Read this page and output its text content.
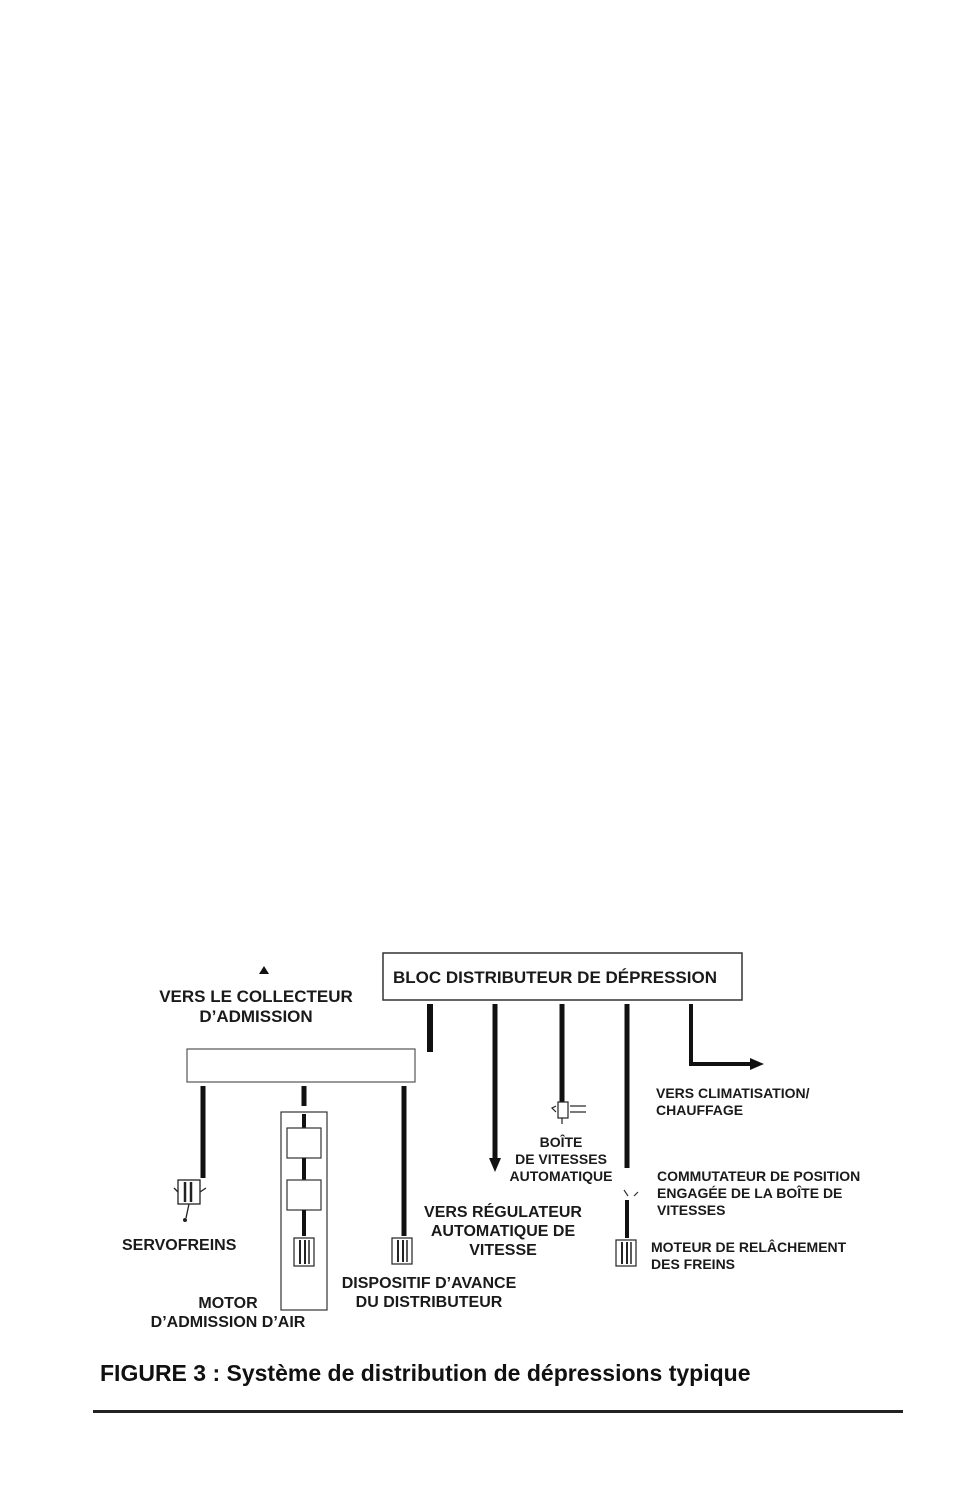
BLOC DISTRIBUTEUR DE DÉPRESSION
VERS LE COLLECTEUR
D’ADMISSION
VERS CLIMATISATION/
CHAUFFAGE
BOÎTE
DE VITESSES
AUTOMATIQUE	COMMUTATEUR DE POSITION
ENGAGÉE DE LA BOÎTE DE
VITESSES
VERS RÉGULATEUR
AUTOMATIQUE DE
VITESSE
SERVOFREINS	MOTEUR DE RELÂCHEMENT
DES FREINS
DISPOSITIF D’AVANCE
DU DISTRIBUTEUR
MOTOR
D’ADMISSION D’AIR
FIGURE 3 : Système de distribution de dépressions typique
